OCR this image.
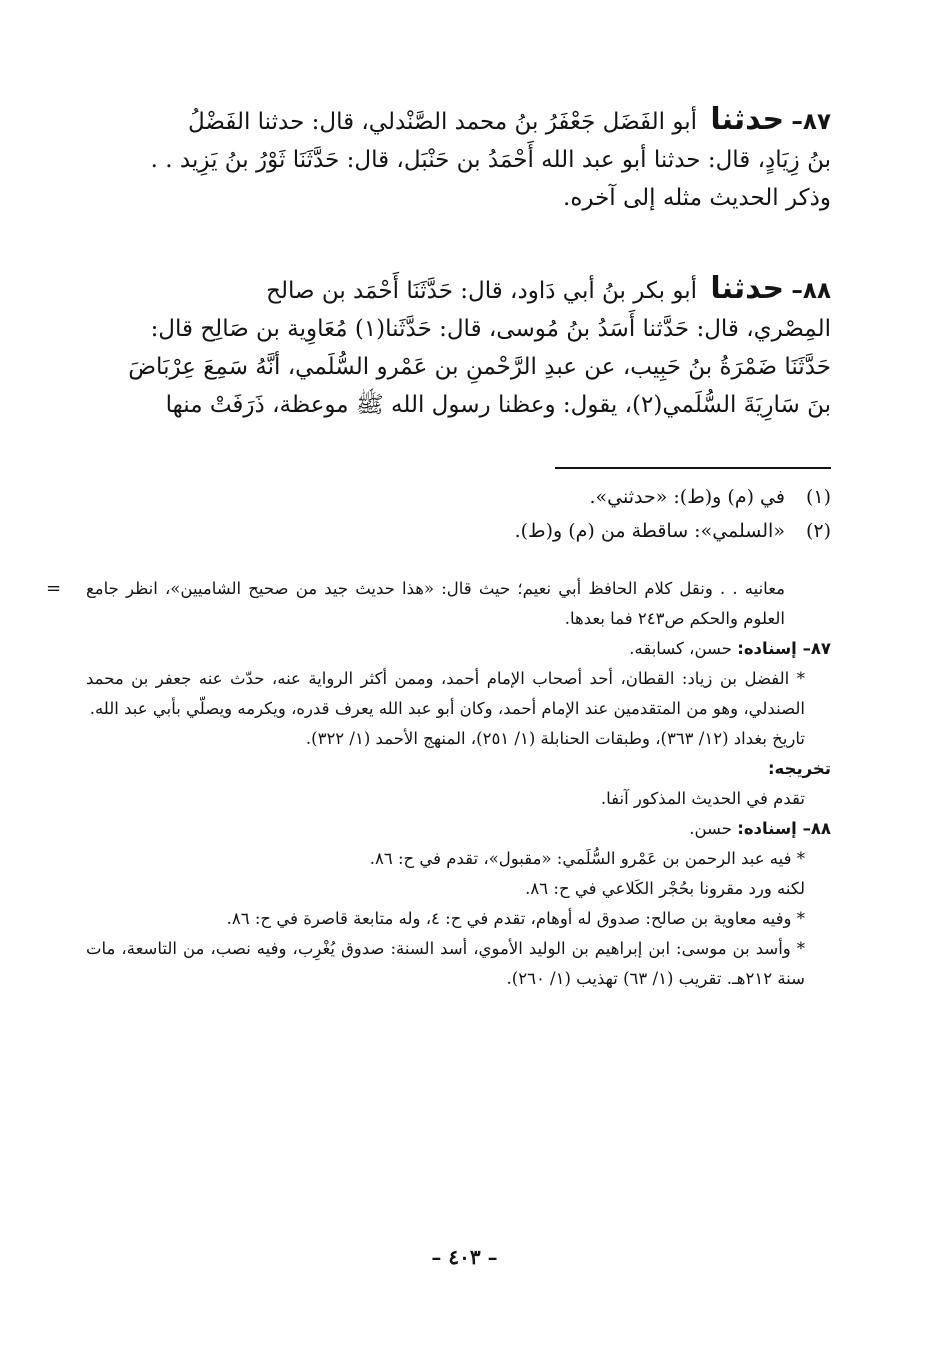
٨٧– حدثنا أبو الفَضَل جَعْفَرُ بنُ محمد الصَّنْدلي، قال: حدثنا الفَضْلُ

بنُ زِيَادٍ، قال: حدثنا أبو عبد الله أَحْمَدُ بن حَنْبَل، قال: حَدَّثَنَا ثَوْرُ بنُ يَزِيد . .

وذكر الحديث مثله إلى آخره.

٨٨– حدثنا أبو بكر بنُ أبي دَاود، قال: حَدَّثَنَا أَحْمَد بن صالح

المِصْري، قال: حَدَّثنا أَسَدُ بنُ مُوسى، قال: حَدَّثَنا(١) مُعَاوِية بن صَالِح قال:

حَدَّثَنَا ضَمْرَةُ بنُ حَبِيب، عن عبدِ الرَّحْمنِ بن عَمْرو السُّلَمي، أنَّهُ سَمِعَ عِرْبَاضَ

بنَ سَارِيَةَ السُّلَمي(٢)، يقول: وعظنا رسول الله ﷺ موعظة، ذَرَفَتْ منها

(١) في (م) و(ط): «حدثني».
(٢) «السلمي»: ساقطة من (م) و(ط).
= معانيه . . ونقل كلام الحافظ أبي نعيم؛ حيث قال: «هذا حديث جيد من صحيح الشاميين»، انظر جامع العلوم والحكم ص٢٤٣ فما بعدها.

٨٧– إسناده: حسن، كسابقه.

* الفضل بن زياد: القطان، أحد أصحاب الإمام أحمد، وممن أكثر الرواية عنه، حدّث عنه جعفر بن محمد الصندلي، وهو من المتقدمين عند الإمام أحمد، وكان أبو عبد الله يعرف قدره، ويكرمه ويصلّي بأبي عبد الله.

تاريخ بغداد (١٢/ ٣٦٣)، وطبقات الحنابلة (١/ ٢٥١)، المنهج الأحمد (١/ ٣٢٢).

تخريجه:

تقدم في الحديث المذكور آنفا.

٨٨– إسناده: حسن.

* فيه عبد الرحمن بن عَمْرو السُّلَمي: «مقبول»، تقدم في ح: ٨٦.

لكنه ورد مقرونا بحُجْر الكَلاعي في ح: ٨٦.

* وفيه معاوية بن صالح: صدوق له أوهام، تقدم في ح: ٤، وله متابعة قاصرة في ح: ٨٦.

* وأسد بن موسى: ابن إبراهيم بن الوليد الأموي، أسد السنة: صدوق يُغْرِب، وفيه نصب، من التاسعة، مات سنة ٢١٢هـ. تقريب (١/ ٦٣) تهذيب (١/ ٢٦٠).

– ٤٠٣ –
